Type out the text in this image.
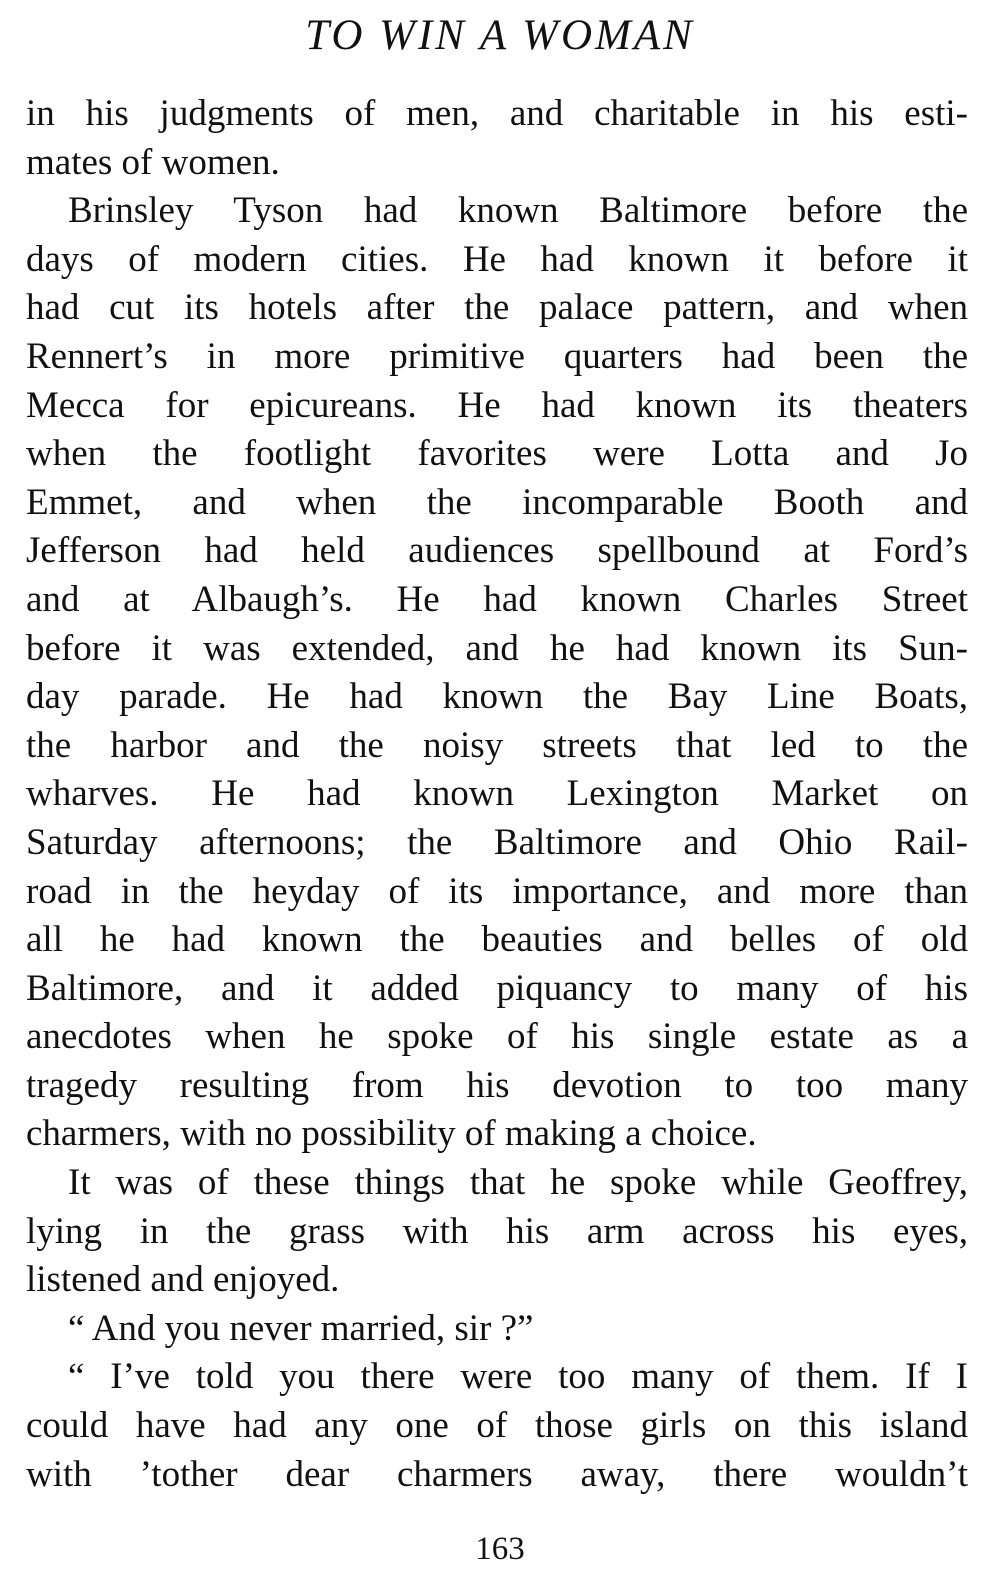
TO WIN A WOMAN
in his judgments of men, and charitable in his esti-
mates of women.
Brinsley Tyson had known Baltimore before the
days of modern cities. He had known it before it
had cut its hotels after the palace pattern, and when
Rennert’s in more primitive quarters had been the
Mecca for epicureans. He had known its theaters
when the footlight favorites were Lotta and Jo
Emmet, and when the incomparable Booth and
Jefferson had held audiences spellbound at Ford’s
and at Albaugh’s. He had known Charles Street
before it was extended, and he had known its Sun-
day parade. He had known the Bay Line Boats,
the harbor and the noisy streets that led to the
wharves. He had known Lexington Market on
Saturday afternoons; the Baltimore and Ohio Rail-
road in the heyday of its importance, and more than
all he had known the beauties and belles of old
Baltimore, and it added piquancy to many of his
anecdotes when he spoke of his single estate as a
tragedy resulting from his devotion to too many
charmers, with no possibility of making a choice.
It was of these things that he spoke while Geoffrey,
lying in the grass with his arm across his eyes,
listened and enjoyed.
“ And you never married, sir ?”
“ I’ve told you there were too many of them. If I
could have had any one of those girls on this island
with ’tother dear charmers away, there wouldn’t
163
